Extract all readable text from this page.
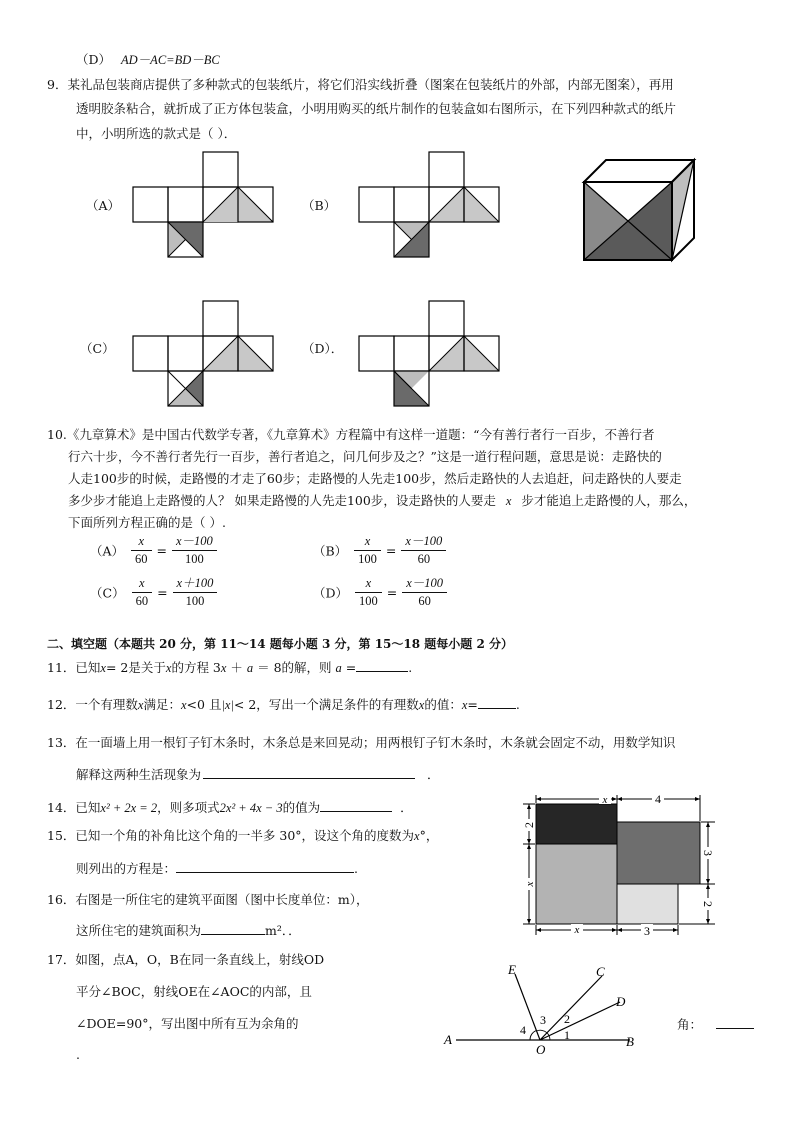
（D） AD－AC=BD－BC
9．某礼品包装商店提供了多种款式的包装纸片，将它们沿实线折叠（图案在包装纸片的外部，内部无图案），再用
透明胶条粘合，就折成了正方体包装盒，小明用购买的纸片制作的包装盒如右图所示，在下列四种款式的纸片
中，小明所选的款式是（ ）．
（A）	（B）
（C）	（D）．
10.《九章算术》是中国古代数学专著，《九章算术》方程篇中有这样一道题：“今有善行者行一百步，不善行者
行六十步，今不善行者先行一百步，善行者追之，问几何步及之？”这是一道行程问题，意思是说：走路快的
人走100步的时候，走路慢的才走了60步；走路慢的人先走100步，然后走路快的人去追赶，问走路快的人要走
多少步才能追上走路慢的人？ 如果走路慢的人先走100步，设走路快的人要走 x 步才能追上走路慢的人，那么，
下面所列方程正确的是（ ）.
$(A) \frac{x}{60} = \frac{x-100}{100}$	$(B) \frac{x}{100} = \frac{x-100}{60}$
$(C) \frac{x}{60} = \frac{x+100}{100}$	$(D) \frac{x}{100} = \frac{x-100}{60}$
二、填空题（本题共 20 分，第 11～14 题每小题 3 分，第 15～18 题每小题 2 分）
11．已知x= 2是关于x的方程 3x ＋ a ＝ 8的解，则 a =	.
12．一个有理数x满足：x<0 且|x|< 2，写出一个满足条件的有理数x的值：x=	.
13．在一面墙上用一根钉子钉木条时，木条总是来回晃动；用两根钉子钉木条时，木条就会固定不动，用数学知识
解释这两种生活现象为	．
14．已知x² + 2x = 2，则多项式2x² + 4x − 3的值为	．
15．已知一个角的补角比这个角的一半多 30°，设这个角的度数为x°，
则列出的方程是：	.
16．右图是一所住宅的建筑平面图（图中长度单位：m），
这所住宅的建筑面积为	m²．．
x	4
2
x
3
2
x	3
17．如图，点A，O，B在同一条直线上，射线OD
平分∠BOC，射线OE在∠AOC的内部，且
∠DOE=90°，写出图中所有互为余角的
.
角：
E	C
D
A
O
B
1
2
3
4
